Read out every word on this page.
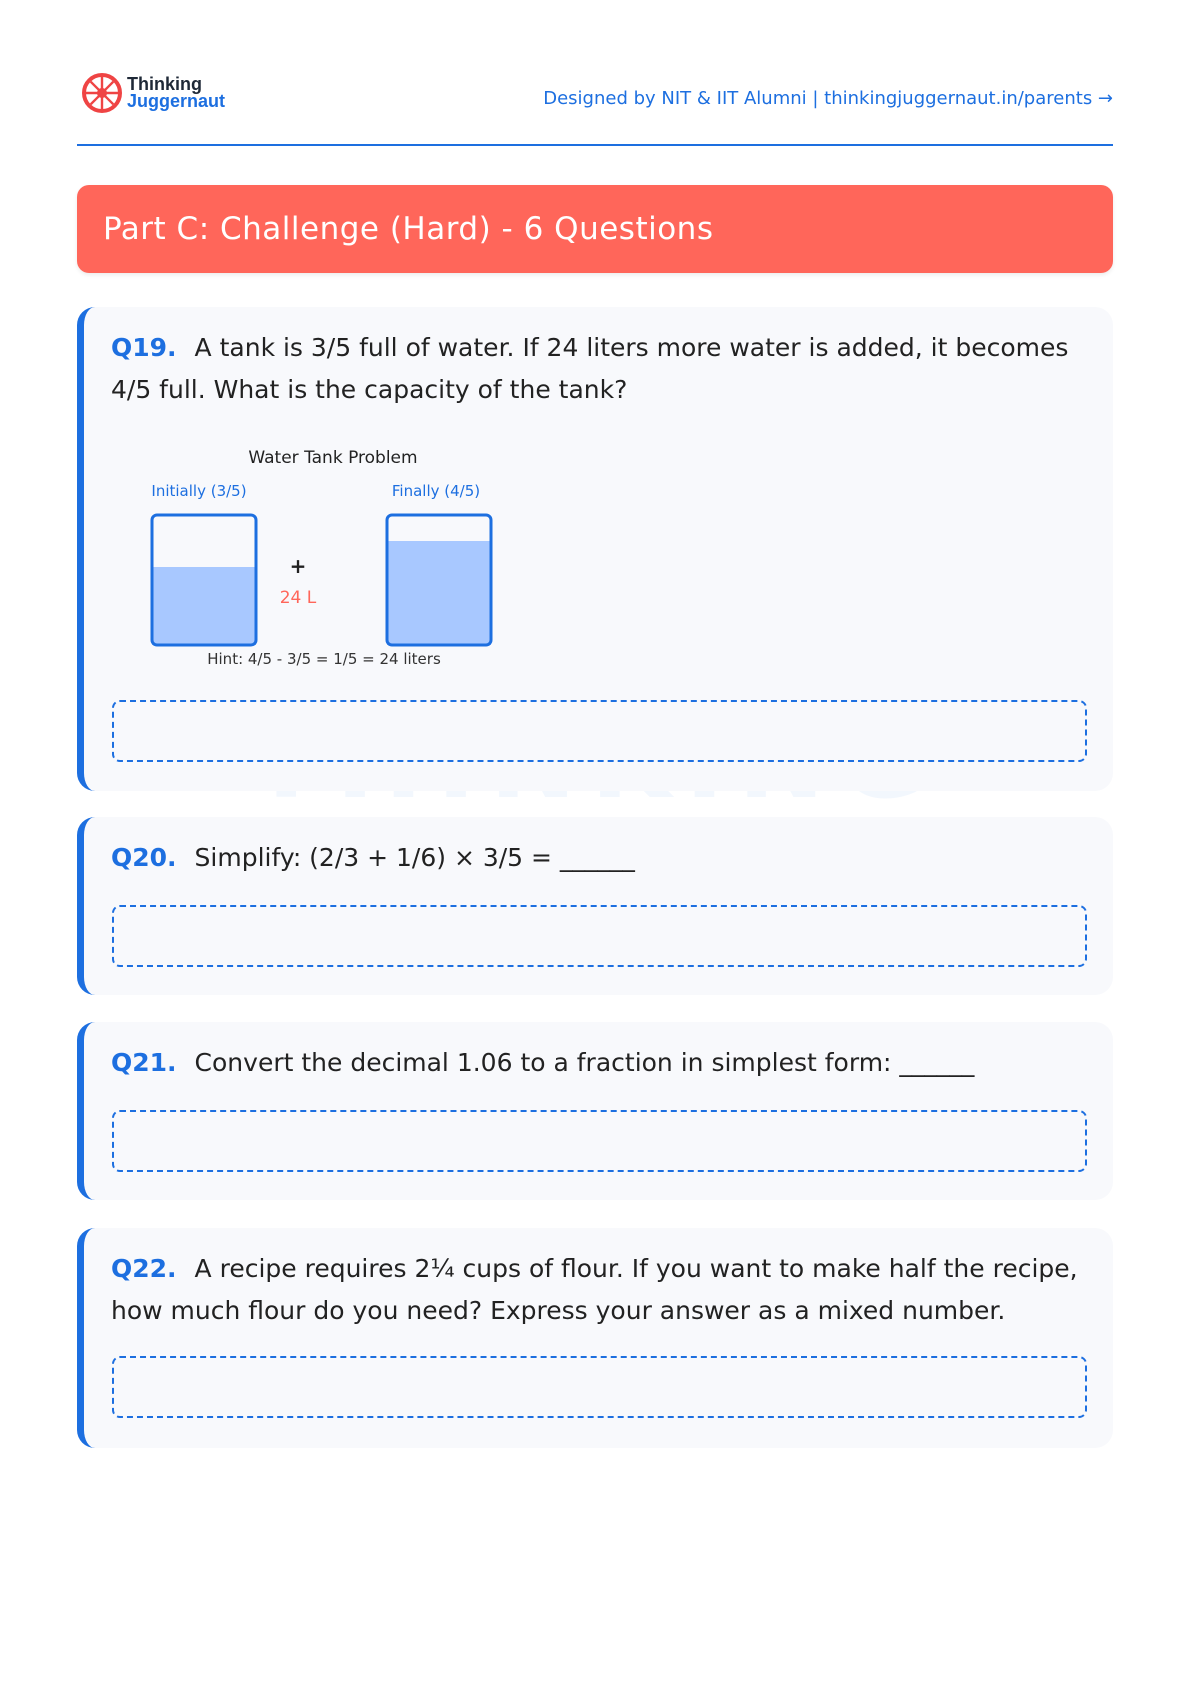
Thinking
Juggernaut	Designed by NIT & IIT Alumni | thinkingjuggernaut.in/parents →
Part C: Challenge (Hard) - 6 Questions
Q19. A tank is 3/5 full of water. If 24 liters more water is added, it becomes 4/5 full. What is the capacity of the tank?
Water Tank Problem
Initially (3/5)	Finally (4/5)
+
24 L
Hint: 4/5 - 3/5 = 1/5 = 24 liters
Q20. Simplify: (2/3 + 1/6) × 3/5 = ______
Q21. Convert the decimal 1.06 to a fraction in simplest form: ______
Q22. A recipe requires 2¼ cups of flour. If you want to make half the recipe, how much flour do you need? Express your answer as a mixed number.
